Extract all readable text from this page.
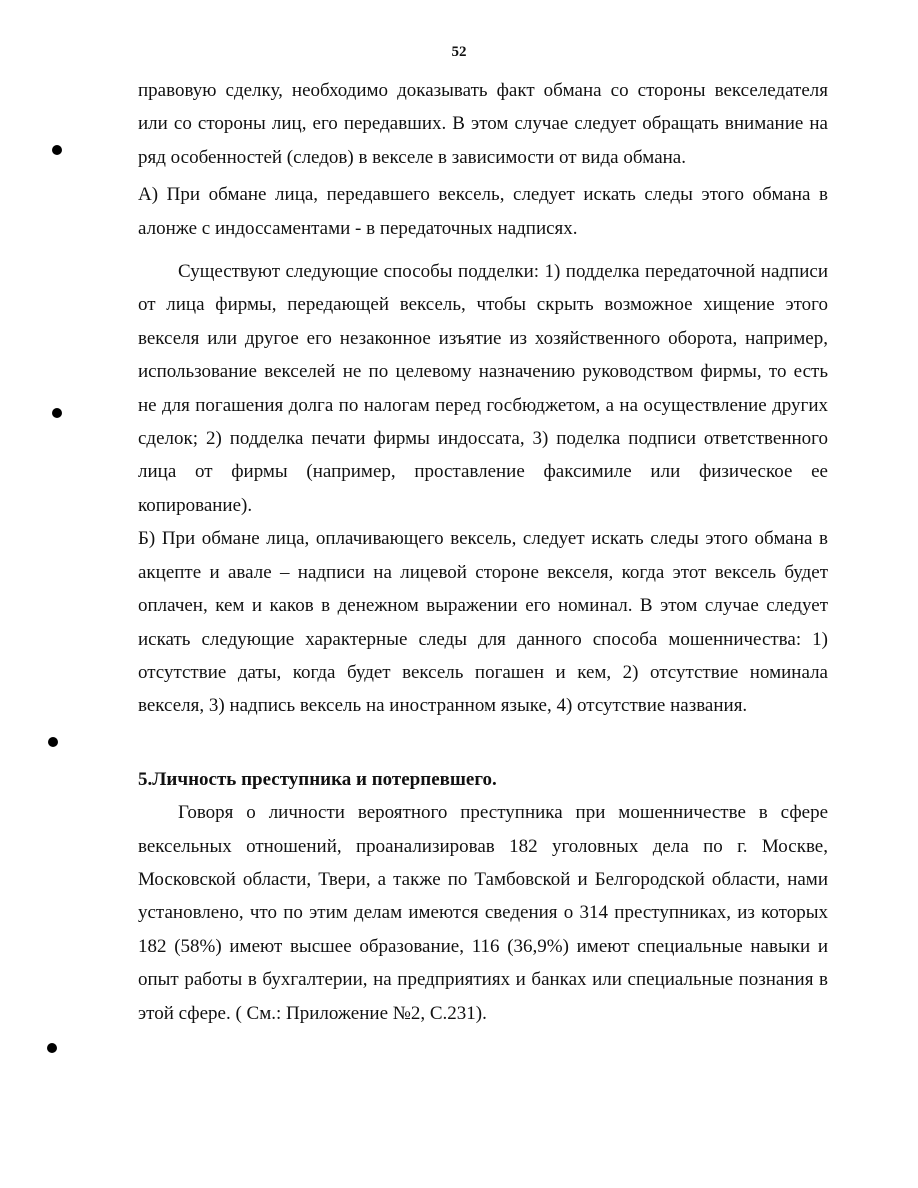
52

правовую сделку, необходимо доказывать факт обмана со стороны векселедателя или со стороны лиц, его передавших. В этом случае следует обращать внимание на ряд особенностей (следов) в векселе в зависимости от вида обмана.

А) При обмане лица, передавшего вексель, следует искать следы этого обмана в алонже с индоссаментами - в передаточных надписях.

Существуют следующие способы подделки: 1) подделка передаточной надписи от лица фирмы, передающей вексель, чтобы скрыть возможное хищение этого векселя или другое его незаконное изъятие из хозяйственного оборота, например, использование векселей не по целевому назначению руководством фирмы, то есть не для погашения долга по налогам перед госбюджетом, а на осуществление других сделок; 2) подделка печати фирмы индоссата, 3) поделка подписи ответственного лица от фирмы (например, проставление факсимиле или физическое ее копирование).

Б) При обмане лица, оплачивающего вексель, следует искать следы этого обмана в акцепте и авале – надписи на лицевой стороне векселя, когда этот вексель будет оплачен, кем и каков в денежном выражении его номинал. В этом случае следует искать следующие характерные следы для данного способа мошенничества: 1) отсутствие даты, когда будет вексель погашен и кем, 2) отсутствие номинала векселя, 3) надпись вексель на иностранном языке, 4) отсутствие названия.

5.Личность преступника и потерпевшего.

Говоря о личности вероятного преступника при мошенничестве в сфере вексельных отношений, проанализировав 182 уголовных дела по г. Москве, Московской области, Твери, а также по Тамбовской и Белгородской области, нами установлено, что по этим делам имеются сведения о 314 преступниках, из которых 182 (58%) имеют высшее образование, 116 (36,9%) имеют специальные навыки и опыт работы в бухгалтерии, на предприятиях и банках или специальные познания в этой сфере. ( См.: Приложение №2, С.231).
